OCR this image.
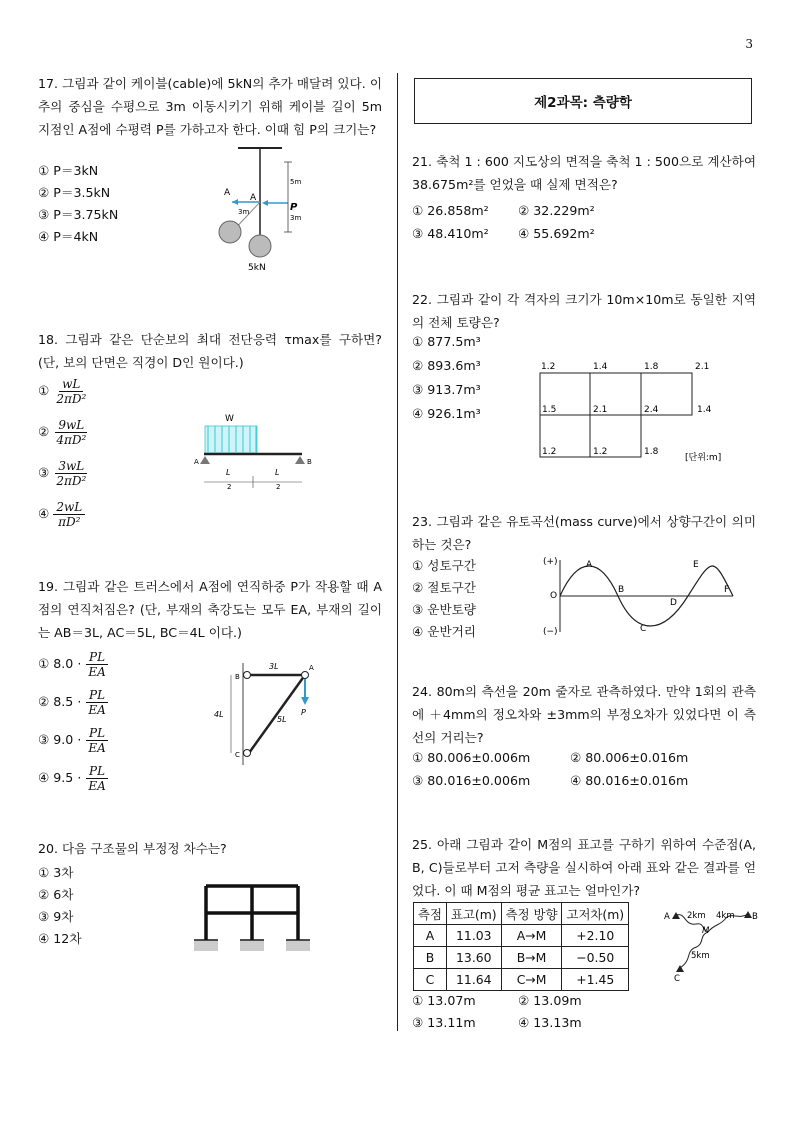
3
17. 그림과 같이 케이블(cable)에 5kN의 추가 매달려 있다. 이 추의 중심을 수평으로 3m 이동시키기 위해 케이블 길이 5m 지점인 A점에 수평력 P를 가하고자 한다. 이때 힘 P의 크기는?
① P＝3kN
② P＝3.5kN
③ P＝3.75kN
④ P＝4kN
A A
P
5m
3m
3m
5kN
18. 그림과 같은 단순보의 최대 전단응력 τmax를 구하면? (단, 보의 단면은 직경이 D인 원이다.)
① $\frac{wL}{\text{2πD²}}$
② $\frac{9wL}{\text{4πD²}}$
③ $\frac{3wL}{\text{2πD²}}$
④ $\frac{2wL}{\text{πD²}}$
W
A	B
L
2
L
2
19. 그림과 같은 트러스에서 A점에 연직하중 P가 작용할 때 A점의 연직처짐은? (단, 부재의 축강도는 모두 EA, 부재의 길이는 AB＝3L, AC＝5L, BC＝4L 이다.)
① $8.0 \cdot \frac{PL}{EA}$
② $8.5 \cdot \frac{PL}{EA}$
③ $9.0 \cdot \frac{PL}{EA}$
④ $9.5 \cdot \frac{PL}{EA}$
B
A
C
3L
4L
5L
P
20. 다음 구조물의 부정정 차수는?
① 3차
② 6차
③ 9차
④ 12차
제2과목: 측량학
21. 축척 1 : 600 지도상의 면적을 축척 1 : 500으로 계산하여 38.675m²를 얻었을 때 실제 면적은?
① 26.858m² ② 32.229m²
③ 48.410m² ④ 55.692m²
22. 그림과 같이 각 격자의 크기가 10m×10m로 동일한 지역의 전체 토량은?
① 877.5m³
② 893.6m³
③ 913.7m³
④ 926.1m³
1.2	1.4	1.8	2.1
1.5	2.1	2.4	1.4
1.2	1.2	1.8
[단위:m]
23. 그림과 같은 유토곡선(mass curve)에서 상향구간이 의미하는 것은?
① 성토구간
② 절토구간
③ 운반토량
④ 운반거리
(+)
(−)
O
A
B
C
D
E
F
24. 80m의 측선을 20m 줄자로 관측하였다. 만약 1회의 관측에 ＋4mm의 정오차와 ±3mm의 부정오차가 있었다면 이 측선의 거리는?
① 80.006±0.006m	② 80.006±0.016m
③ 80.016±0.006m	④ 80.016±0.016m
25. 아래 그림과 같이 M점의 표고를 구하기 위하여 수준점(A, B, C)들로부터 고저 측량을 실시하여 아래 표와 같은 결과를 얻었다. 이 때 M점의 평균 표고는 얼마인가?
측점	표고(m)	측정 방향	고저차(m)
A	11.03	A→M	+2.10
B	13.60	B→M	−0.50
C	11.64	C→M	+1.45
A	B
C
M
2km 4km
5km
① 13.07m	② 13.09m
③ 13.11m	④ 13.13m
